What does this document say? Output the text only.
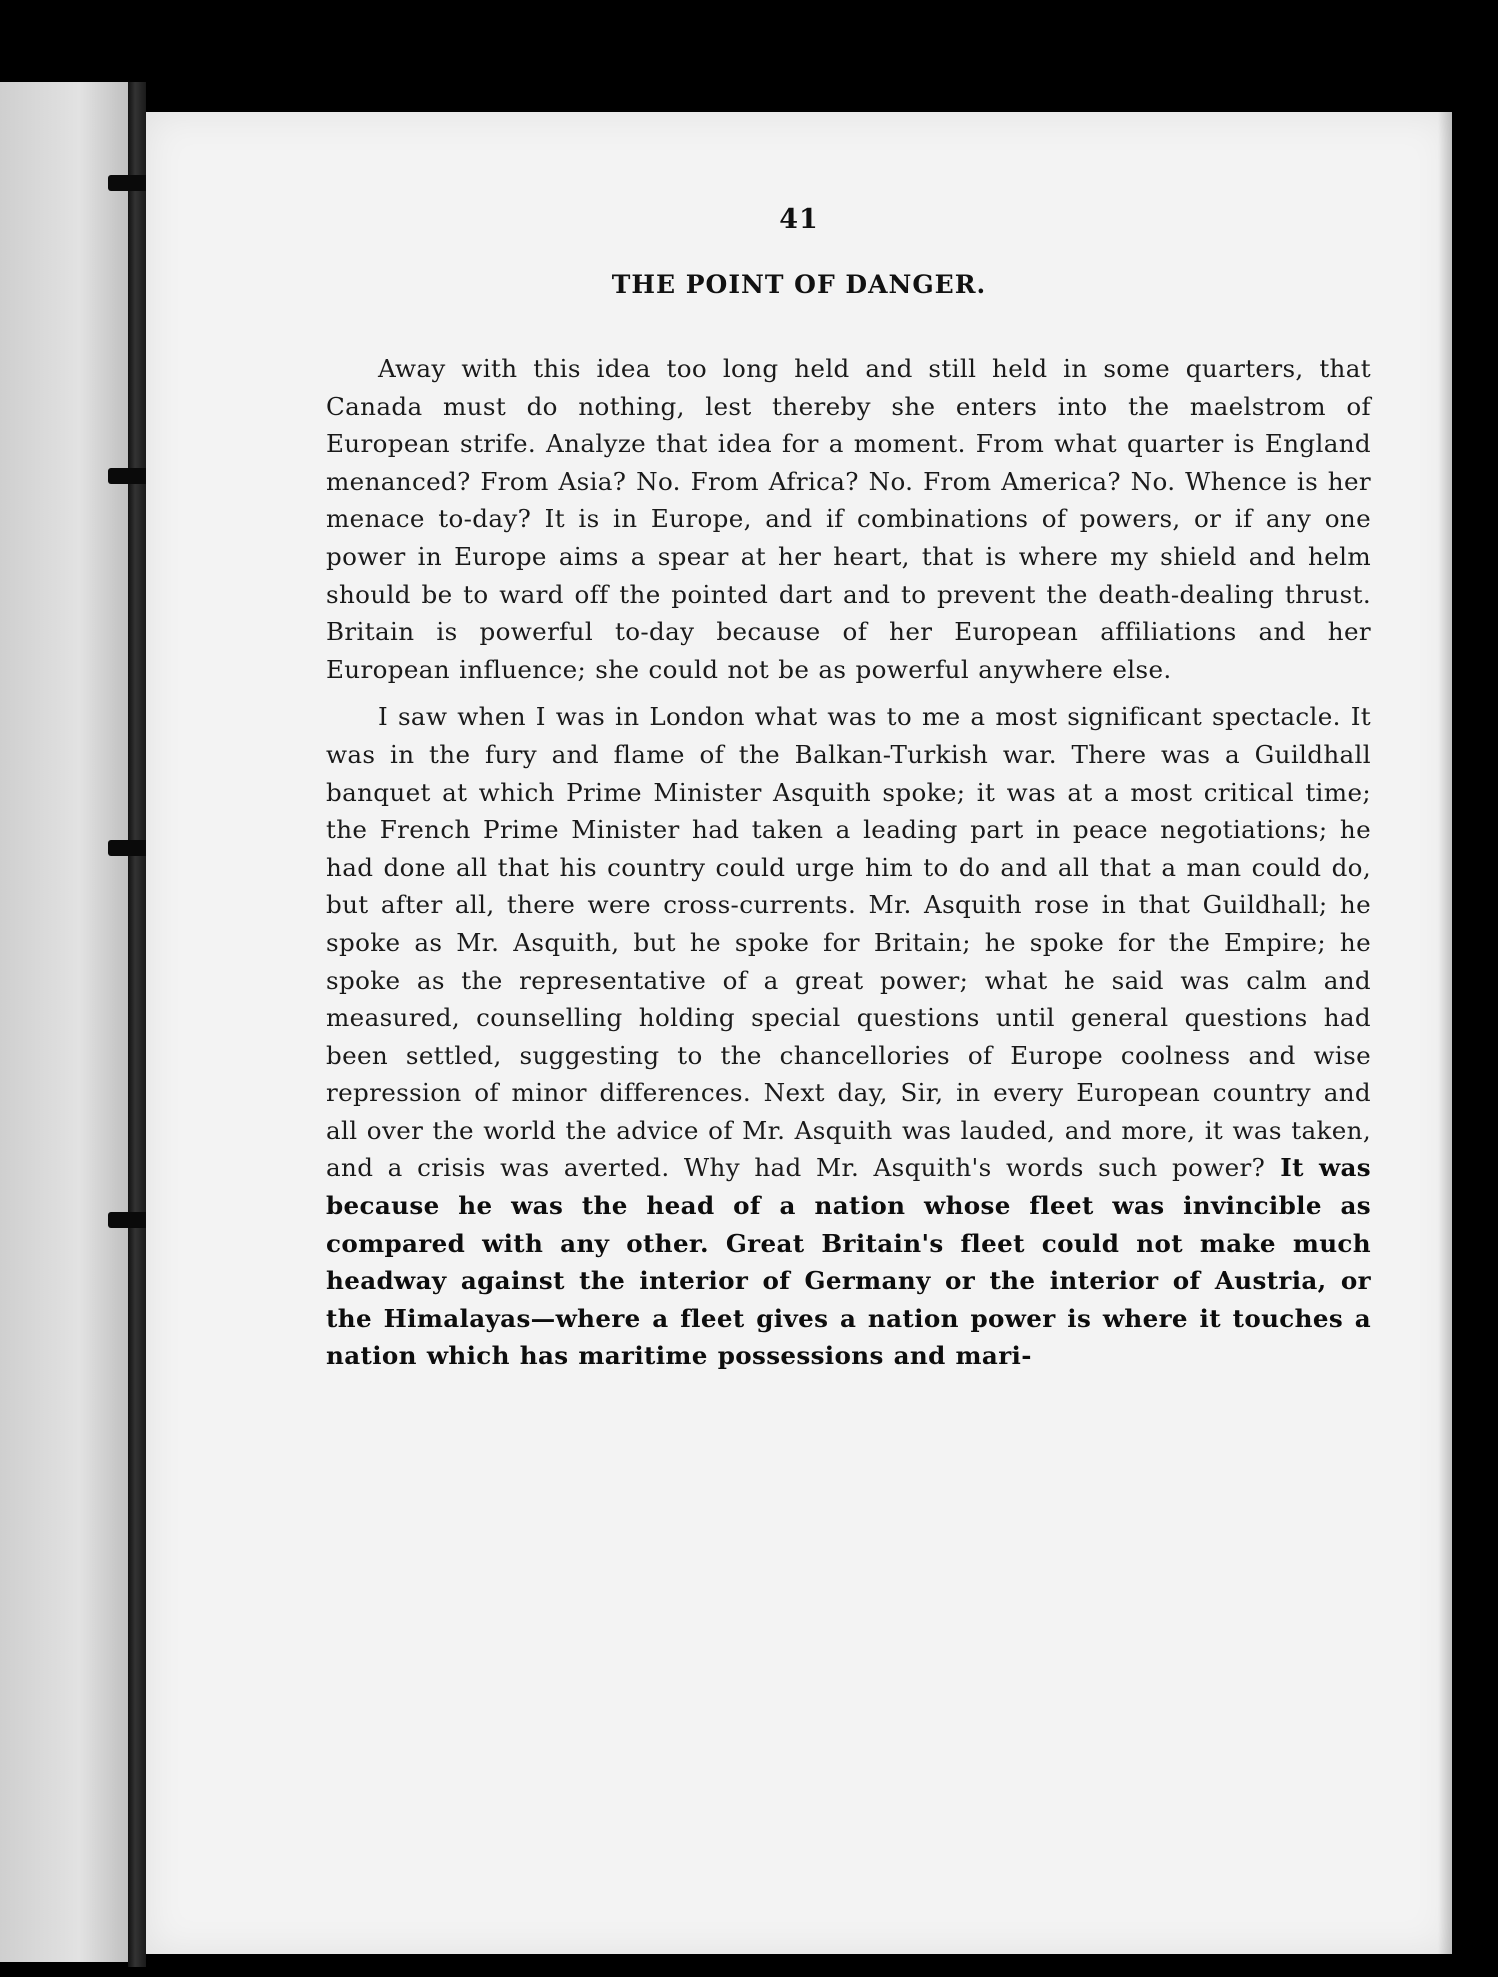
41
THE POINT OF DANGER.

Away with this idea too long held and still held in some quarters, that Canada must do nothing, lest thereby she enters into the maelstrom of European strife. Analyze that idea for a moment. From what quarter is England menanced? From Asia? No. From Africa? No. From America? No. Whence is her menace to-day? It is in Europe, and if combinations of powers, or if any one power in Europe aims a spear at her heart, that is where my shield and helm should be to ward off the pointed dart and to prevent the death-dealing thrust. Britain is powerful to-day because of her European affiliations and her European influence; she could not be as powerful anywhere else.

I saw when I was in London what was to me a most significant spectacle. It was in the fury and flame of the Balkan-Turkish war. There was a Guildhall banquet at which Prime Minister Asquith spoke; it was at a most critical time; the French Prime Minister had taken a leading part in peace negotiations; he had done all that his country could urge him to do and all that a man could do, but after all, there were cross-currents. Mr. Asquith rose in that Guildhall; he spoke as Mr. Asquith, but he spoke for Britain; he spoke for the Empire; he spoke as the representative of a great power; what he said was calm and measured, counselling holding special questions until general questions had been settled, suggesting to the chancellories of Europe coolness and wise repression of minor differences. Next day, Sir, in every European country and all over the world the advice of Mr. Asquith was lauded, and more, it was taken, and a crisis was averted. Why had Mr. Asquith's words such power? It was because he was the head of a nation whose fleet was invincible as compared with any other. Great Britain's fleet could not make much headway against the interior of Germany or the interior of Austria, or the Himalayas—where a fleet gives a nation power is where it touches a nation which has maritime possessions and mari-
